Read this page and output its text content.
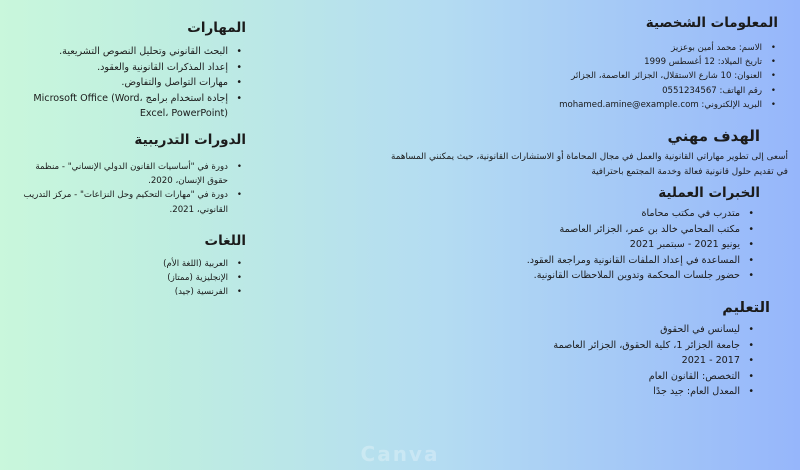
المعلومات الشخصية
• الاسم: محمد أمين بوعزيز
• تاريخ الميلاد: 12 أغسطس 1999
• العنوان: 10 شارع الاستقلال، الجزائر العاصمة، الجزائر
• رقم الهاتف: 0551234567
• البريد الإلكتروني: mohamed.amine@example.com
الهدف مهني

أسعى إلى تطوير مهاراتي القانونية والعمل في مجال المحاماة أو الاستشارات القانونية، حيث يمكنني المساهمة في تقديم حلول قانونية فعالة وخدمة المجتمع باحترافية

الخبرات العملية
• متدرب في مكتب محاماة
• مكتب المحامي خالد بن عمر، الجزائر العاصمة
• يونيو 2021 - سبتمبر 2021
• المساعدة في إعداد الملفات القانونية ومراجعة العقود.
• حضور جلسات المحكمة وتدوين الملاحظات القانونية.
التعليم
• ليسانس في الحقوق
• جامعة الجزائر 1، كلية الحقوق، الجزائر العاصمة
• 2017 - 2021
• التخصص: القانون العام
• المعدل العام: جيد جدًا
المهارات
• البحث القانوني وتحليل النصوص التشريعية.
• إعداد المذكرات القانونية والعقود.
• مهارات التواصل والتفاوض.
• إجادة استخدام برامج Microsoft Office (Word، Excel، PowerPoint)
الدورات التدريبية
• دورة في "أساسيات القانون الدولي الإنساني" - منظمة حقوق الإنسان، 2020.
• دورة في "مهارات التحكيم وحل النزاعات" - مركز التدريب القانوني، 2021.
اللغات
• العربية (اللغة الأم)
• الإنجليزية (ممتاز)
• الفرنسية (جيد)
Canva
